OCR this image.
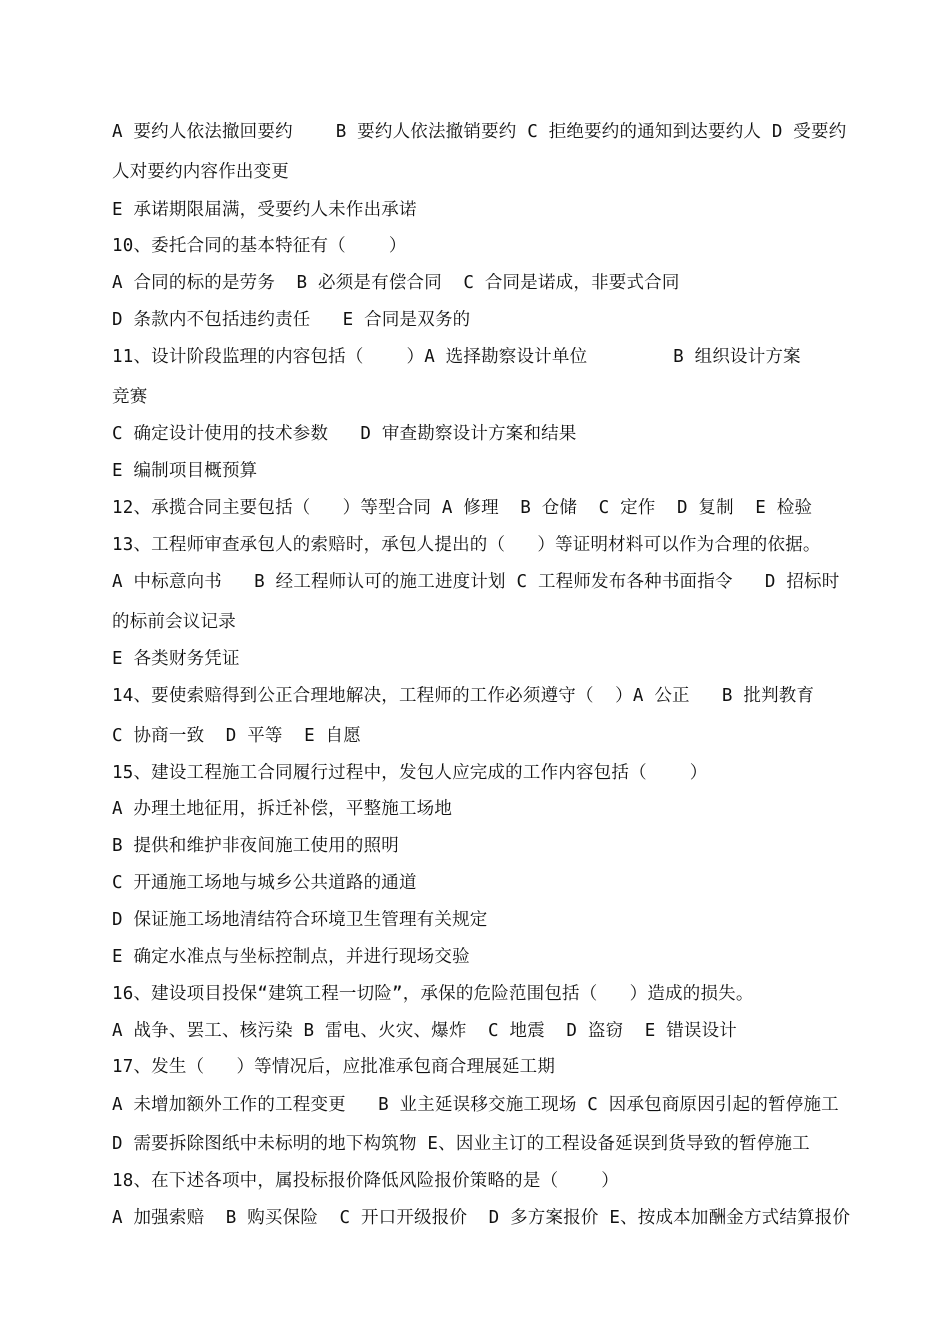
A 要约人依法撤回要约    B 要约人依法撤销要约 C 拒绝要约的通知到达要约人 D 受要约
人对要约内容作出变更
E 承诺期限届满，受要约人未作出承诺
10、委托合同的基本特征有（    ）
A 合同的标的是劳务  B 必须是有偿合同  C 合同是诺成，非要式合同
D 条款内不包括违约责任   E 合同是双务的
11、设计阶段监理的内容包括（    ）A 选择勘察设计单位        B 组织设计方案
竞赛
C 确定设计使用的技术参数   D 审查勘察设计方案和结果
E 编制项目概预算
12、承揽合同主要包括（   ）等型合同 A 修理  B 仓储  C 定作  D 复制  E 检验
13、工程师审查承包人的索赔时，承包人提出的（   ）等证明材料可以作为合理的依据。
A 中标意向书   B 经工程师认可的施工进度计划 C 工程师发布各种书面指令   D 招标时
的标前会议记录
E 各类财务凭证
14、要使索赔得到公正合理地解决，工程师的工作必须遵守（  ）A 公正   B 批判教育
C 协商一致  D 平等  E 自愿
15、建设工程施工合同履行过程中，发包人应完成的工作内容包括（    ）
A 办理土地征用，拆迁补偿，平整施工场地
B 提供和维护非夜间施工使用的照明
C 开通施工场地与城乡公共道路的通道
D 保证施工场地清结符合环境卫生管理有关规定
E 确定水准点与坐标控制点，并进行现场交验
16、建设项目投保“建筑工程一切险”，承保的危险范围包括（   ）造成的损失。
A 战争、罢工、核污染 B 雷电、火灾、爆炸  C 地震  D 盗窃  E 错误设计
17、发生（   ）等情况后，应批准承包商合理展延工期
A 未增加额外工作的工程变更   B 业主延误移交施工现场 C 因承包商原因引起的暂停施工
D 需要拆除图纸中未标明的地下构筑物 E、因业主订的工程设备延误到货导致的暂停施工
18、在下述各项中，属投标报价降低风险报价策略的是（    ）
A 加强索赔  B 购买保险  C 开口开级报价  D 多方案报价 E、按成本加酬金方式结算报价
